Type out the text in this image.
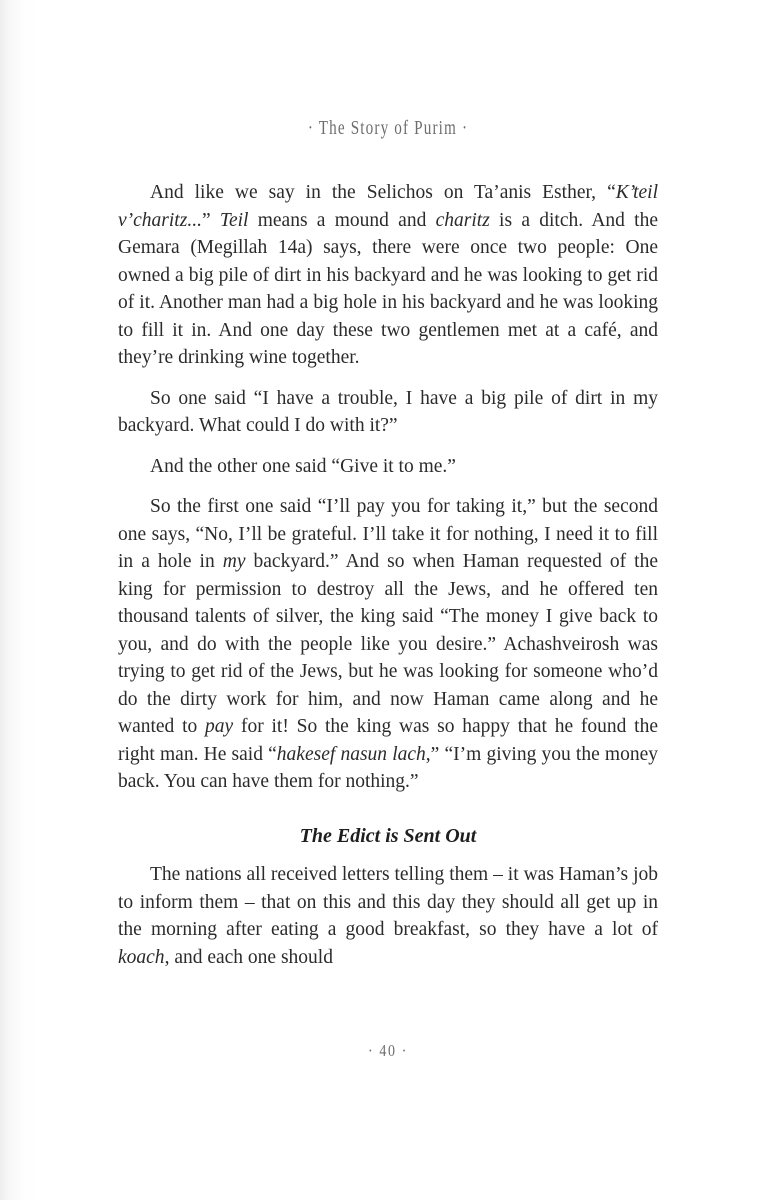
· The Story of Purim ·

And like we say in the Selichos on Ta’anis Esther, “K’teil v’charitz...” Teil means a mound and charitz is a ditch. And the Gemara (Megillah 14a) says, there were once two people: One owned a big pile of dirt in his backyard and he was looking to get rid of it. Another man had a big hole in his backyard and he was looking to fill it in. And one day these two gentlemen met at a café, and they’re drinking wine together.

So one said “I have a trouble, I have a big pile of dirt in my backyard. What could I do with it?”

And the other one said “Give it to me.”

So the first one said “I’ll pay you for taking it,” but the second one says, “No, I’ll be grateful. I’ll take it for nothing, I need it to fill in a hole in my backyard.” And so when Haman requested of the king for permission to destroy all the Jews, and he offered ten thousand talents of silver, the king said “The money I give back to you, and do with the people like you desire.” Achashveirosh was trying to get rid of the Jews, but he was looking for someone who’d do the dirty work for him, and now Haman came along and he wanted to pay for it! So the king was so happy that he found the right man. He said “hakesef nasun lach,” “I’m giving you the money back. You can have them for nothing.”

The Edict is Sent Out

The nations all received letters telling them – it was Haman’s job to inform them – that on this and this day they should all get up in the morning after eating a good breakfast, so they have a lot of koach, and each one should

· 40 ·
